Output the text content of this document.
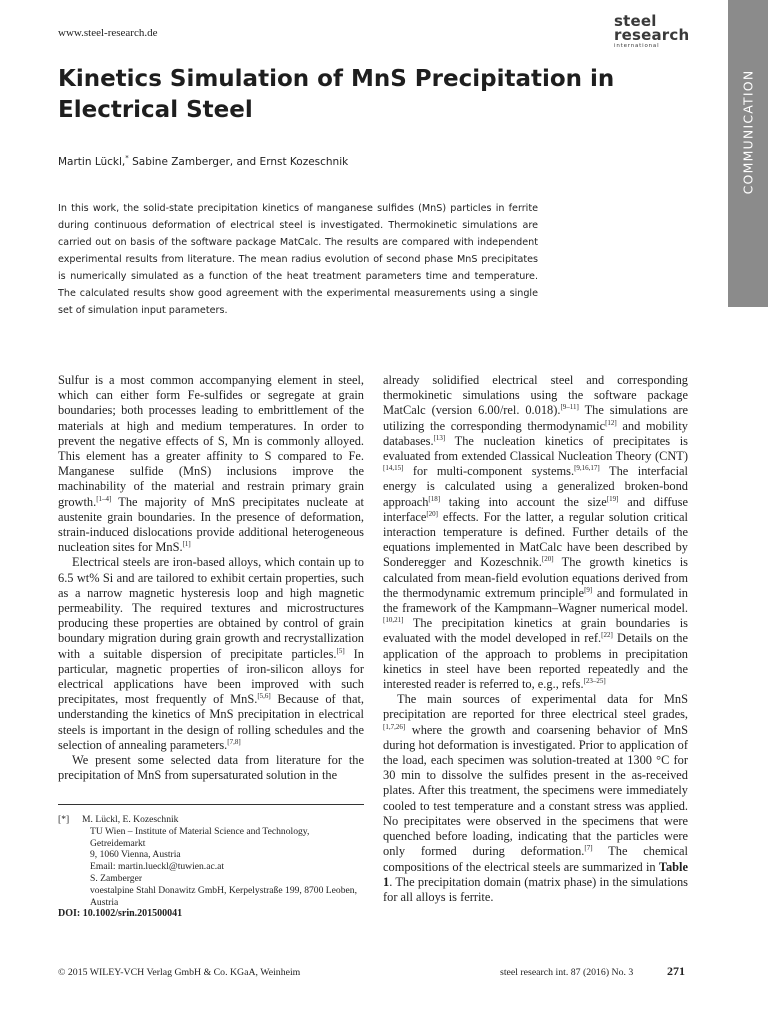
www.steel-research.de
steel
research
international
COMMUNICATION
Kinetics Simulation of MnS Precipitation in Electrical Steel
Martin Lückl,* Sabine Zamberger, and Ernst Kozeschnik
In this work, the solid-state precipitation kinetics of manganese sulfides (MnS) particles in ferrite during continuous deformation of electrical steel is investigated. Thermokinetic simulations are carried out on basis of the software package MatCalc. The results are compared with independent experimental results from literature. The mean radius evolution of second phase MnS precipitates is numerically simulated as a function of the heat treatment parameters time and temperature. The calculated results show good agreement with the experimental measurements using a single set of simulation input parameters.

Sulfur is a most common accompanying element in steel, which can either form Fe-sulfides or segregate at grain boundaries; both processes leading to embrittlement of the materials at high and medium temperatures. In order to prevent the negative effects of S, Mn is commonly alloyed. This element has a greater affinity to S compared to Fe. Manganese sulfide (MnS) inclusions improve the machinability of the material and restrain primary grain growth.[1–4] The majority of MnS precipitates nucleate at austenite grain boundaries. In the presence of deformation, strain-induced dislocations provide additional heterogeneous nucleation sites for MnS.[1]

Electrical steels are iron-based alloys, which contain up to 6.5 wt% Si and are tailored to exhibit certain properties, such as a narrow magnetic hysteresis loop and high magnetic permeability. The required textures and microstructures producing these properties are obtained by control of grain boundary migration during grain growth and recrystallization with a suitable dispersion of precipitate particles.[5] In particular, magnetic properties of iron-silicon alloys for electrical applications have been improved with such precipitates, most frequently of MnS.[5,6] Because of that, understanding the kinetics of MnS precipitation in electrical steels is important in the design of rolling schedules and the selection of annealing parameters.[7,8]

We present some selected data from literature for the precipitation of MnS from supersaturated solution in the

already solidified electrical steel and corresponding thermokinetic simulations using the software package MatCalc (version 6.00/rel. 0.018).[9–11] The simulations are utilizing the corresponding thermodynamic[12] and mobility databases.[13] The nucleation kinetics of precipitates is evaluated from extended Classical Nucleation Theory (CNT)[14,15] for multi-component systems.[9,16,17] The interfacial energy is calculated using a generalized broken-bond approach[18] taking into account the size[19] and diffuse interface[20] effects. For the latter, a regular solution critical interaction temperature is defined. Further details of the equations implemented in MatCalc have been described by Sonderegger and Kozeschnik.[20] The growth kinetics is calculated from mean-field evolution equations derived from the thermodynamic extremum principle[9] and formulated in the framework of the Kampmann–Wagner numerical model.[10,21] The precipitation kinetics at grain boundaries is evaluated with the model developed in ref.[22] Details on the application of the approach to problems in precipitation kinetics in steel have been reported repeatedly and the interested reader is referred to, e.g., refs.[23–25]

The main sources of experimental data for MnS precipitation are reported for three electrical steel grades,[1,7,26] where the growth and coarsening behavior of MnS during hot deformation is investigated. Prior to application of the load, each specimen was solution-treated at 1300 °C for 30 min to dissolve the sulfides present in the as-received plates. After this treatment, the specimens were immediately cooled to test temperature and a constant stress was applied. No precipitates were observed in the specimens that were quenched before loading, indicating that the particles were only formed during deformation.[7] The chemical compositions of the electrical steels are summarized in Table 1. The precipitation domain (matrix phase) in the simulations for all alloys is ferrite.

[*] M. Lückl, E. Kozeschnik
TU Wien – Institute of Material Science and Technology, Getreidemarkt
9, 1060 Vienna, Austria
Email: martin.lueckl@tuwien.ac.at
S. Zamberger
voestalpine Stahl Donawitz GmbH, Kerpelystraße 199, 8700 Leoben,
Austria
DOI: 10.1002/srin.201500041
© 2015 WILEY-VCH Verlag GmbH & Co. KGaA, Weinheim	steel research int. 87 (2016) No. 3	271
